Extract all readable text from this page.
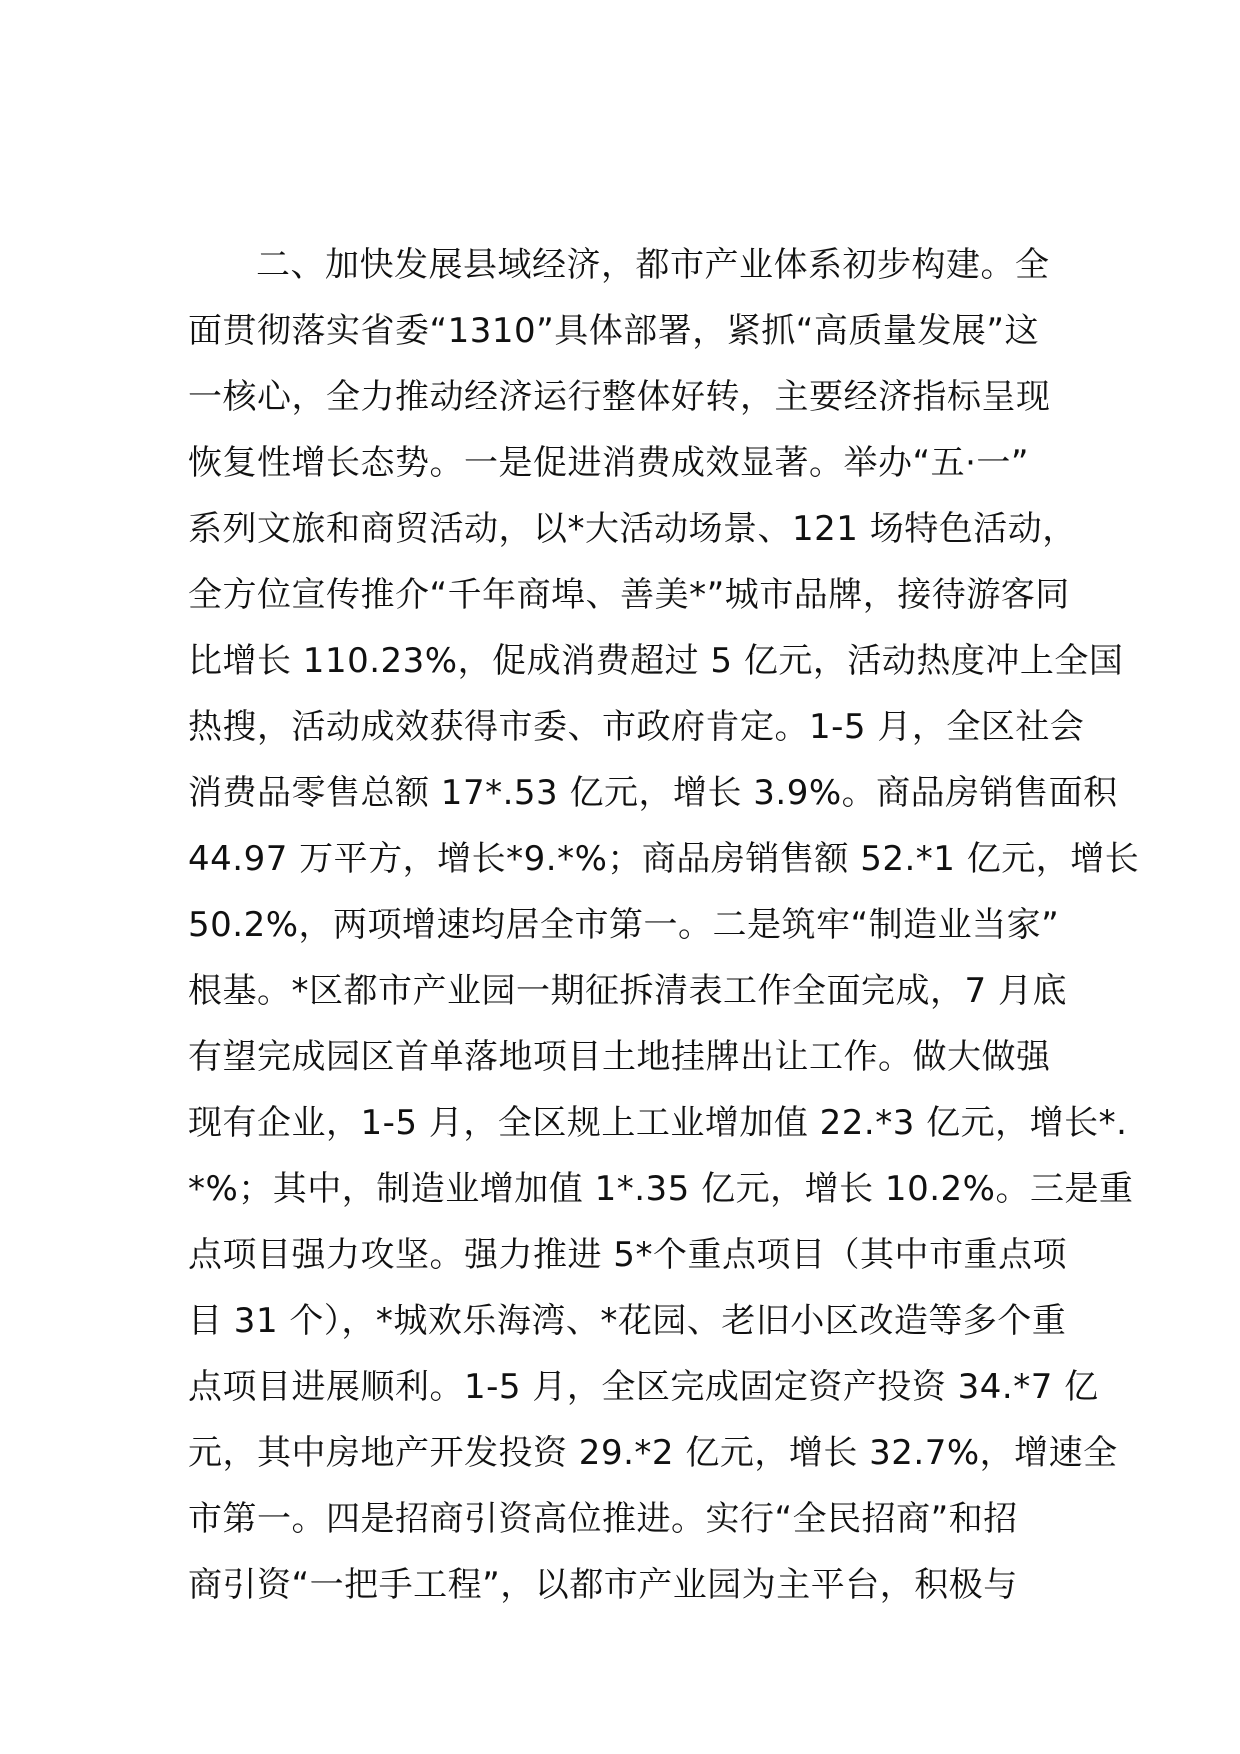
二、加快发展县域经济，都市产业体系初步构建。全
面贯彻落实省委“1310”具体部署，紧抓“高质量发展”这
一核心，全力推动经济运行整体好转，主要经济指标呈现
恢复性增长态势。一是促进消费成效显著。举办“五·一”
系列文旅和商贸活动，以*大活动场景、121 场特色活动，
全方位宣传推介“千年商埠、善美*”城市品牌，接待游客同
比增长 110.23%，促成消费超过 5 亿元，活动热度冲上全国
热搜，活动成效获得市委、市政府肯定。1-5 月，全区社会
消费品零售总额 17*.53 亿元，增长 3.9%。商品房销售面积
44.97 万平方，增长*9.*%；商品房销售额 52.*1 亿元，增长
50.2%，两项增速均居全市第一。二是筑牢“制造业当家”
根基。*区都市产业园一期征拆清表工作全面完成，7 月底
有望完成园区首单落地项目土地挂牌出让工作。做大做强
现有企业，1-5 月，全区规上工业增加值 22.*3 亿元，增长*.
*%；其中，制造业增加值 1*.35 亿元，增长 10.2%。三是重
点项目强力攻坚。强力推进 5*个重点项目（其中市重点项
目 31 个），*城欢乐海湾、*花园、老旧小区改造等多个重
点项目进展顺利。1-5 月，全区完成固定资产投资 34.*7 亿
元，其中房地产开发投资 29.*2 亿元，增长 32.7%，增速全
市第一。四是招商引资高位推进。实行“全民招商”和招
商引资“一把手工程”，以都市产业园为主平台，积极与
